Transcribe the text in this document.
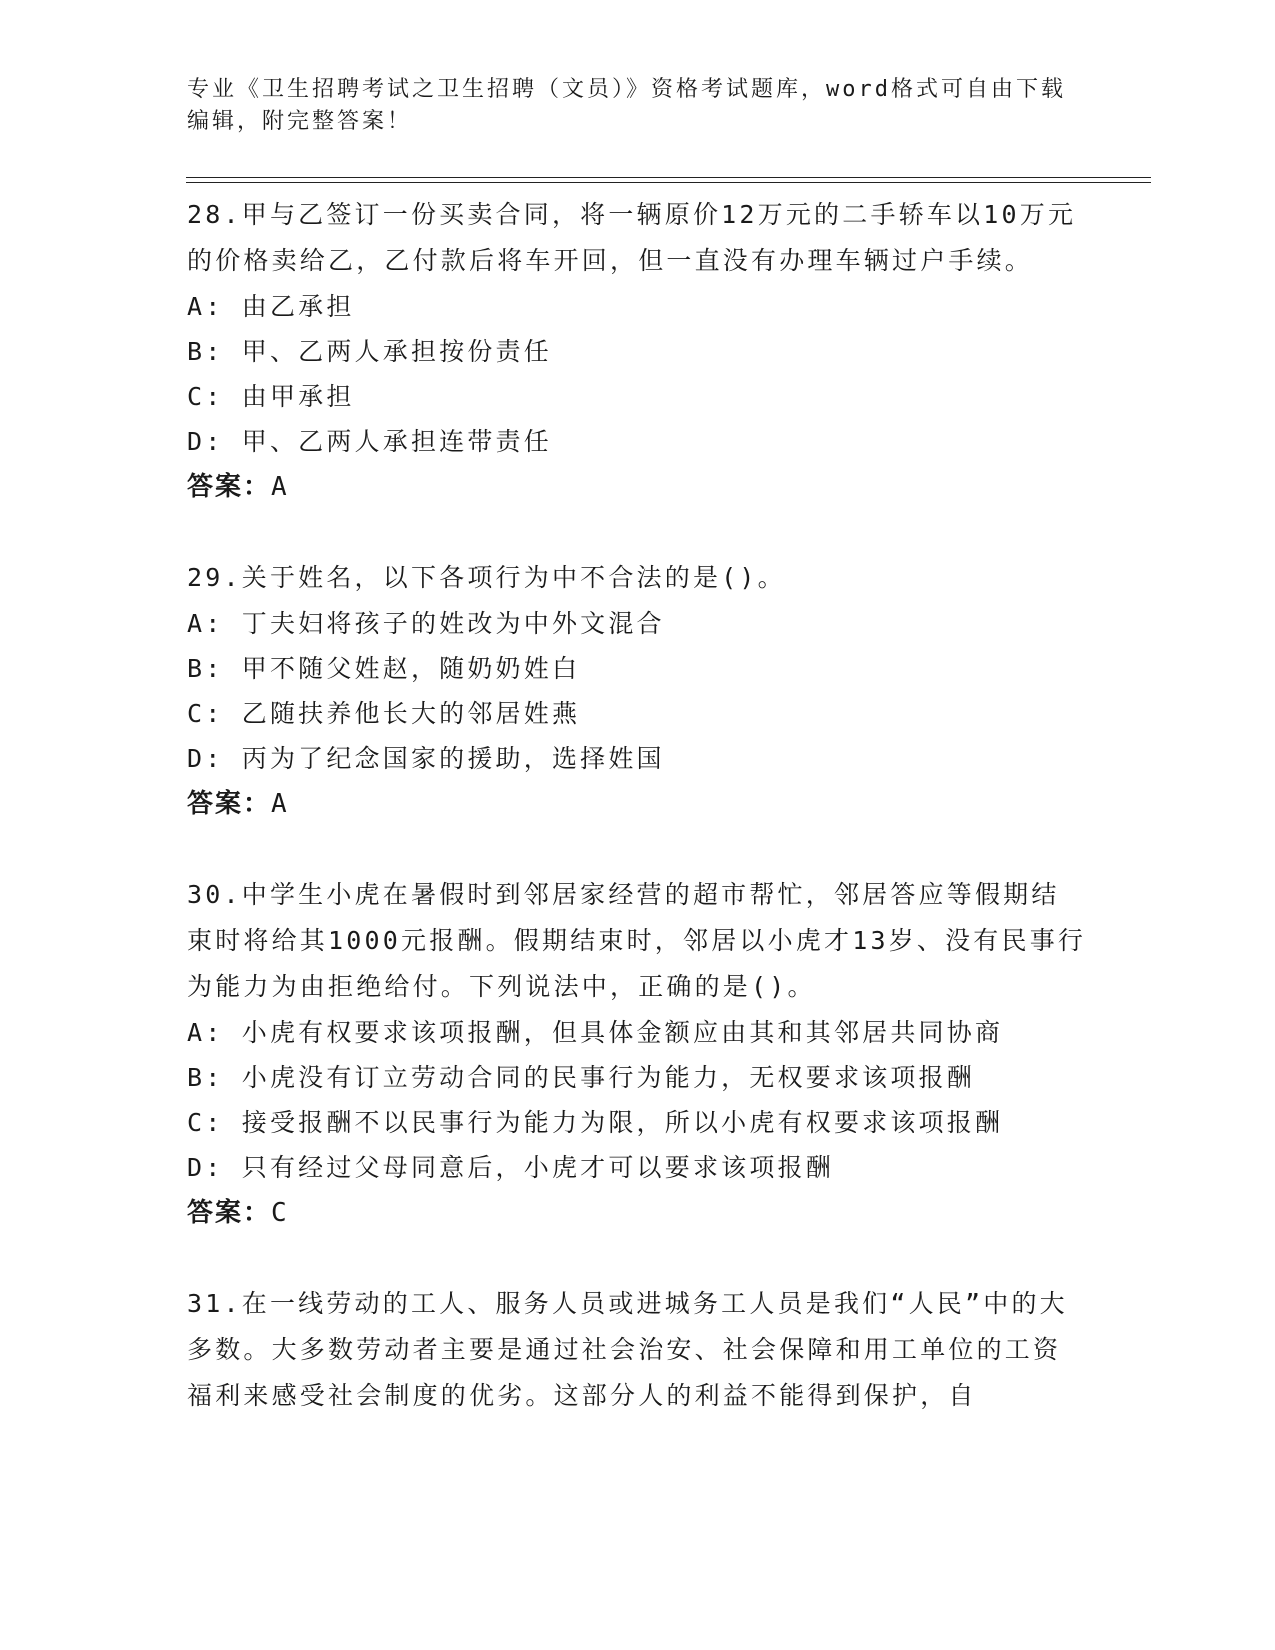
专业《卫生招聘考试之卫生招聘（文员）》资格考试题库，word格式可自由下载编辑，附完整答案！

28.甲与乙签订一份买卖合同，将一辆原价12万元的二手轿车以10万元的价格卖给乙，乙付款后将车开回，但一直没有办理车辆过户手续。

A: 由乙承担

B: 甲、乙两人承担按份责任

C: 由甲承担

D: 甲、乙两人承担连带责任

答案：A

29.关于姓名，以下各项行为中不合法的是()。

A: 丁夫妇将孩子的姓改为中外文混合

B: 甲不随父姓赵，随奶奶姓白

C: 乙随扶养他长大的邻居姓燕

D: 丙为了纪念国家的援助，选择姓国

答案：A

30.中学生小虎在暑假时到邻居家经营的超市帮忙，邻居答应等假期结束时将给其1000元报酬。假期结束时，邻居以小虎才13岁、没有民事行为能力为由拒绝给付。下列说法中，正确的是()。

A: 小虎有权要求该项报酬，但具体金额应由其和其邻居共同协商

B: 小虎没有订立劳动合同的民事行为能力，无权要求该项报酬

C: 接受报酬不以民事行为能力为限，所以小虎有权要求该项报酬

D: 只有经过父母同意后，小虎才可以要求该项报酬

答案：C

31.在一线劳动的工人、服务人员或进城务工人员是我们“人民”中的大多数。大多数劳动者主要是通过社会治安、社会保障和用工单位的工资福利来感受社会制度的优劣。这部分人的利益不能得到保护，自
